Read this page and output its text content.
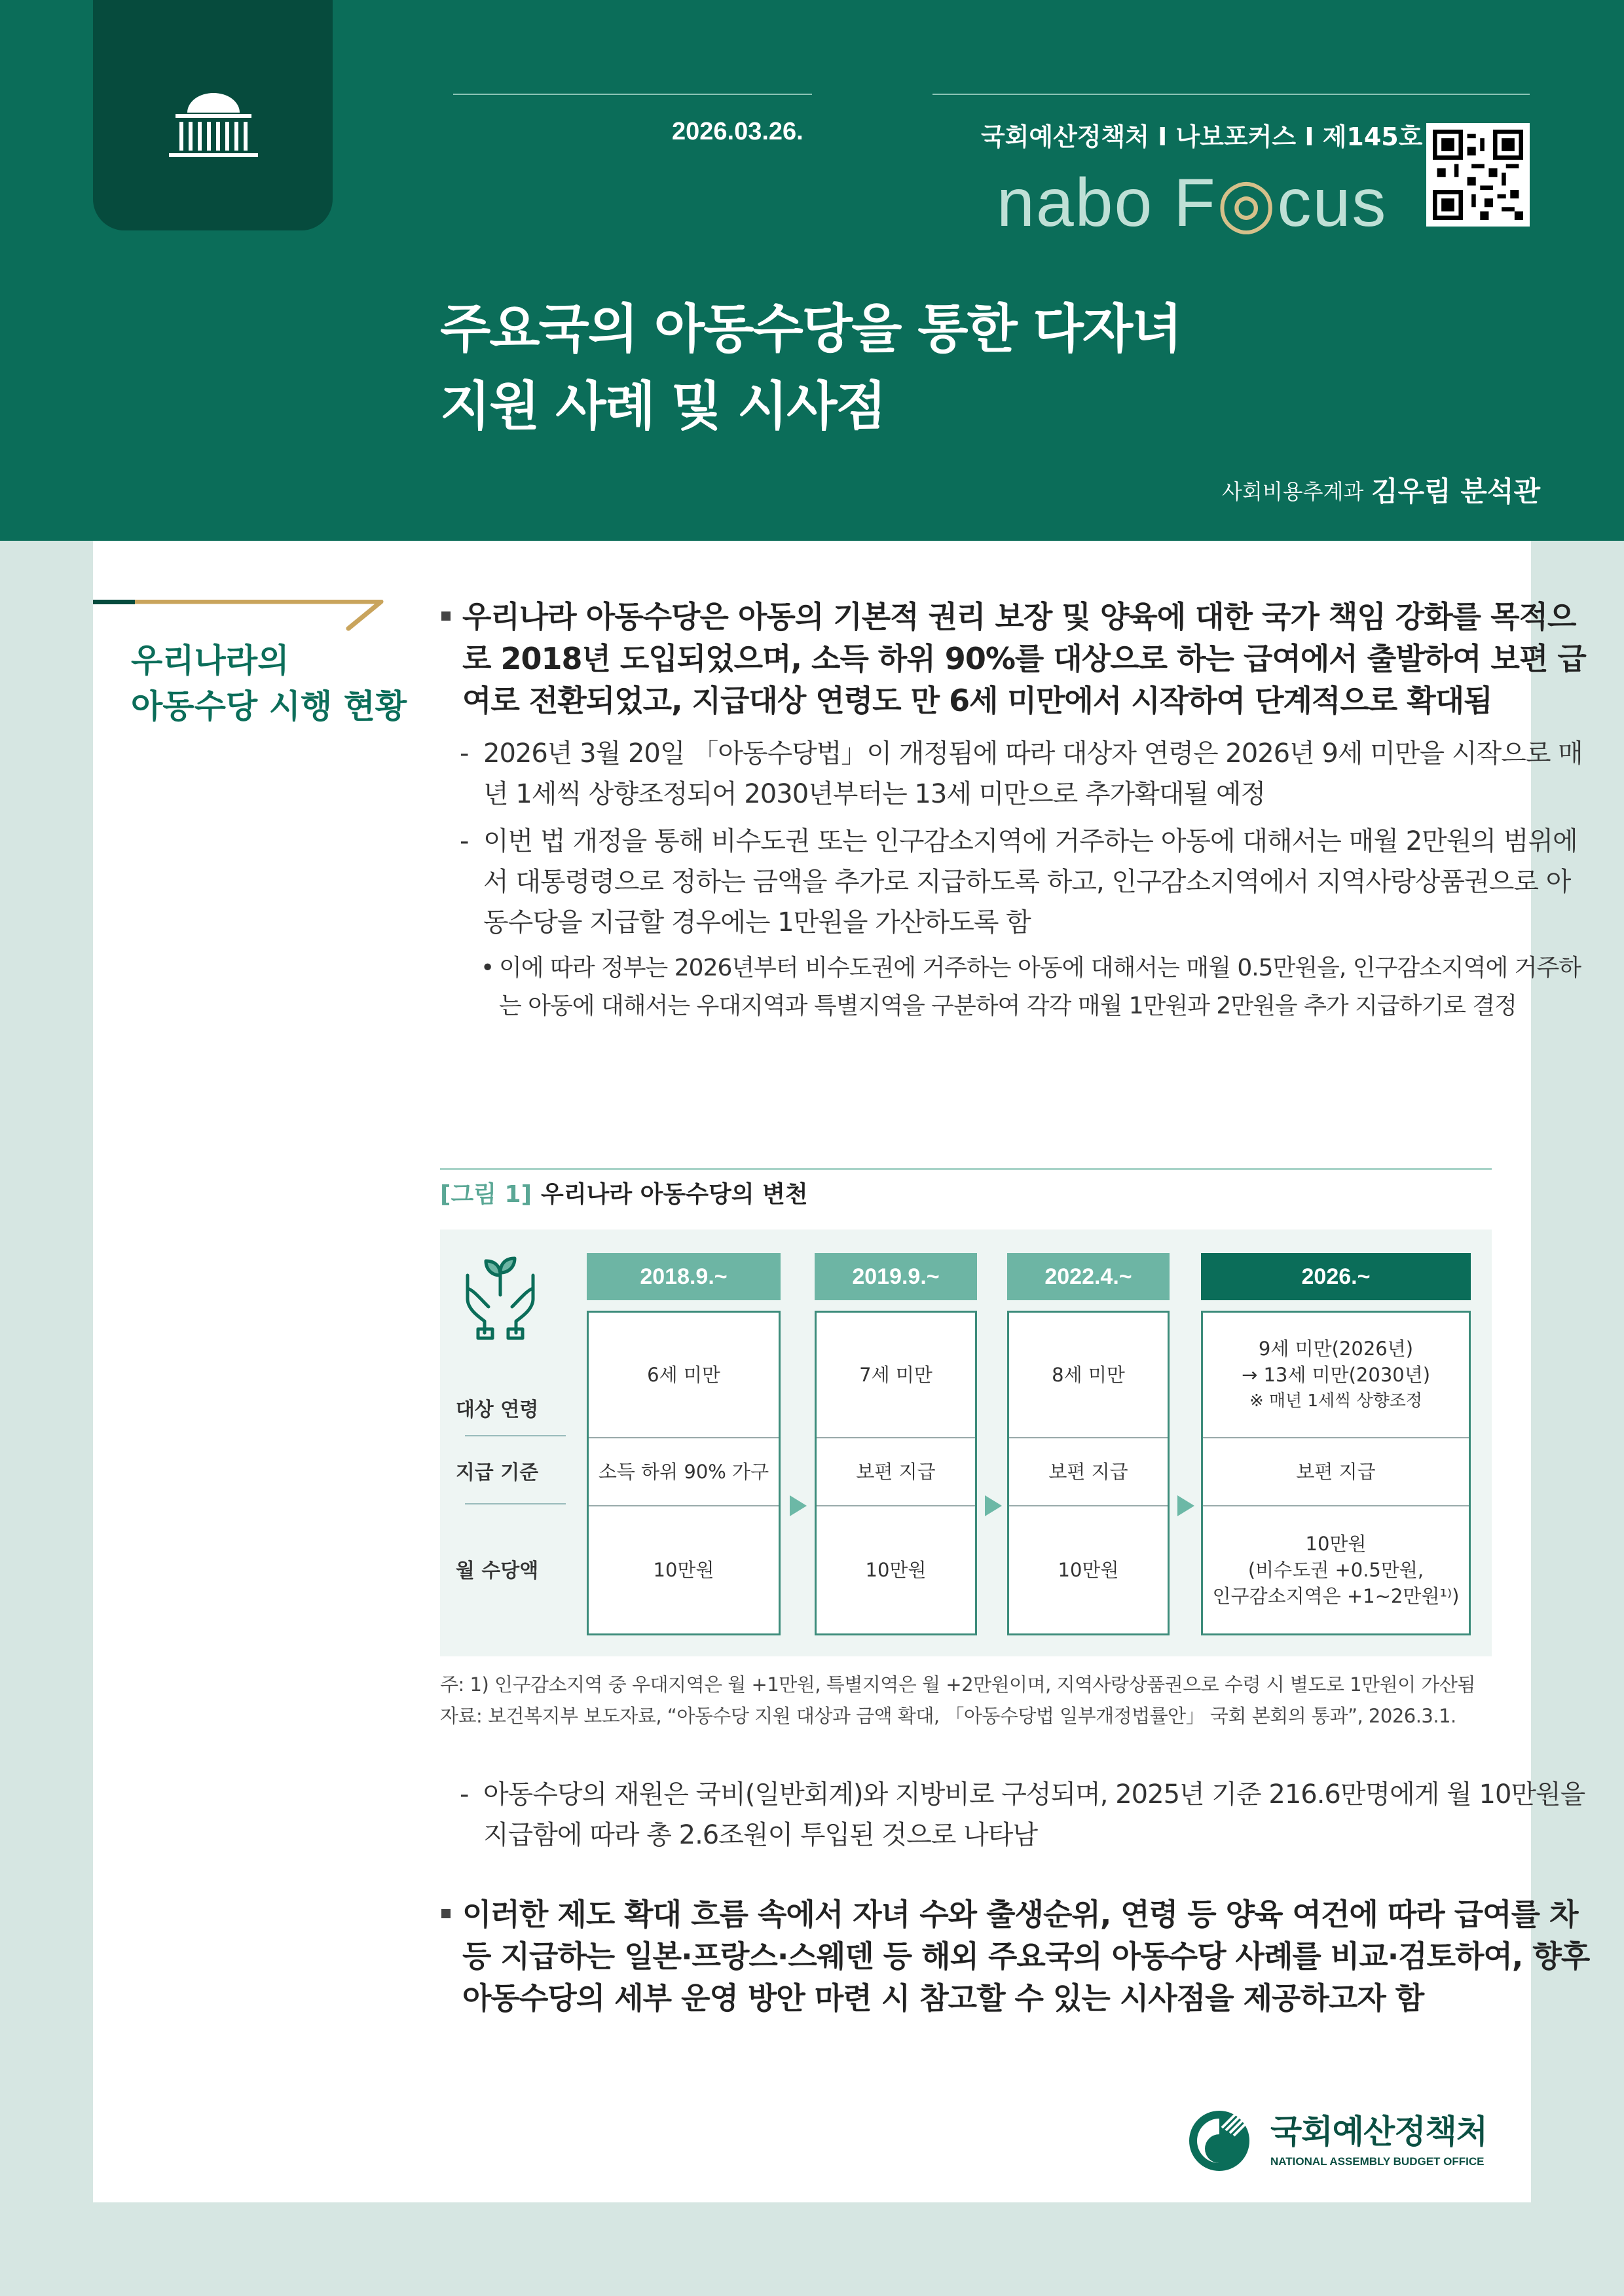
2026.03.26.	국회예산정책처 I 나보포커스 I 제145호
nabo F◎cus
주요국의 아동수당을 통한 다자녀
지원 사례 및 시사점
사회비용추계과 김우림 분석관
우리나라의
아동수당 시행 현황
우리나라 아동수당은 아동의 기본적 권리 보장 및 양육에 대한 국가 책임 강화를 목적으로 2018년 도입되었으며, 소득 하위 90%를 대상으로 하는 급여에서 출발하여 보편 급여로 전환되었고, 지급대상 연령도 만 6세 미만에서 시작하여 단계적으로 확대됨
- 2026년 3월 20일 「아동수당법」이 개정됨에 따라 대상자 연령은 2026년 9세 미만을 시작으로 매년 1세씩 상향조정되어 2030년부터는 13세 미만으로 추가확대될 예정
- 이번 법 개정을 통해 비수도권 또는 인구감소지역에 거주하는 아동에 대해서는 매월 2만원의 범위에서 대통령령으로 정하는 금액을 추가로 지급하도록 하고, 인구감소지역에서 지역사랑상품권으로 아동수당을 지급할 경우에는 1만원을 가산하도록 함
• 이에 따라 정부는 2026년부터 비수도권에 거주하는 아동에 대해서는 매월 0.5만원을, 인구감소지역에 거주하는 아동에 대해서는 우대지역과 특별지역을 구분하여 각각 매월 1만원과 2만원을 추가 지급하기로 결정
[그림 1] 우리나라 아동수당의 변천
대상 연령
지급 기준
월 수당액
2018.9.~
6세 미만
소득 하위 90% 가구
10만원
2019.9.~
7세 미만
보편 지급
10만원
2022.4.~
8세 미만
보편 지급
10만원
2026.~
9세 미만(2026년)
→ 13세 미만(2030년)
※ 매년 1세씩 상향조정
보편 지급
10만원
(비수도권 +0.5만원,
인구감소지역은 +1~2만원¹⁾)
주: 1) 인구감소지역 중 우대지역은 월 +1만원, 특별지역은 월 +2만원이며, 지역사랑상품권으로 수령 시 별도로 1만원이 가산됨
자료: 보건복지부 보도자료, “아동수당 지원 대상과 금액 확대, 「아동수당법 일부개정법률안」 국회 본회의 통과”, 2026.3.1.
- 아동수당의 재원은 국비(일반회계)와 지방비로 구성되며, 2025년 기준 216.6만명에게 월 10만원을 지급함에 따라 총 2.6조원이 투입된 것으로 나타남
이러한 제도 확대 흐름 속에서 자녀 수와 출생순위, 연령 등 양육 여건에 따라 급여를 차등 지급하는 일본·프랑스·스웨덴 등 해외 주요국의 아동수당 사례를 비교·검토하여, 향후 아동수당의 세부 운영 방안 마련 시 참고할 수 있는 시사점을 제공하고자 함
국회예산정책처
NATIONAL ASSEMBLY BUDGET OFFICE
